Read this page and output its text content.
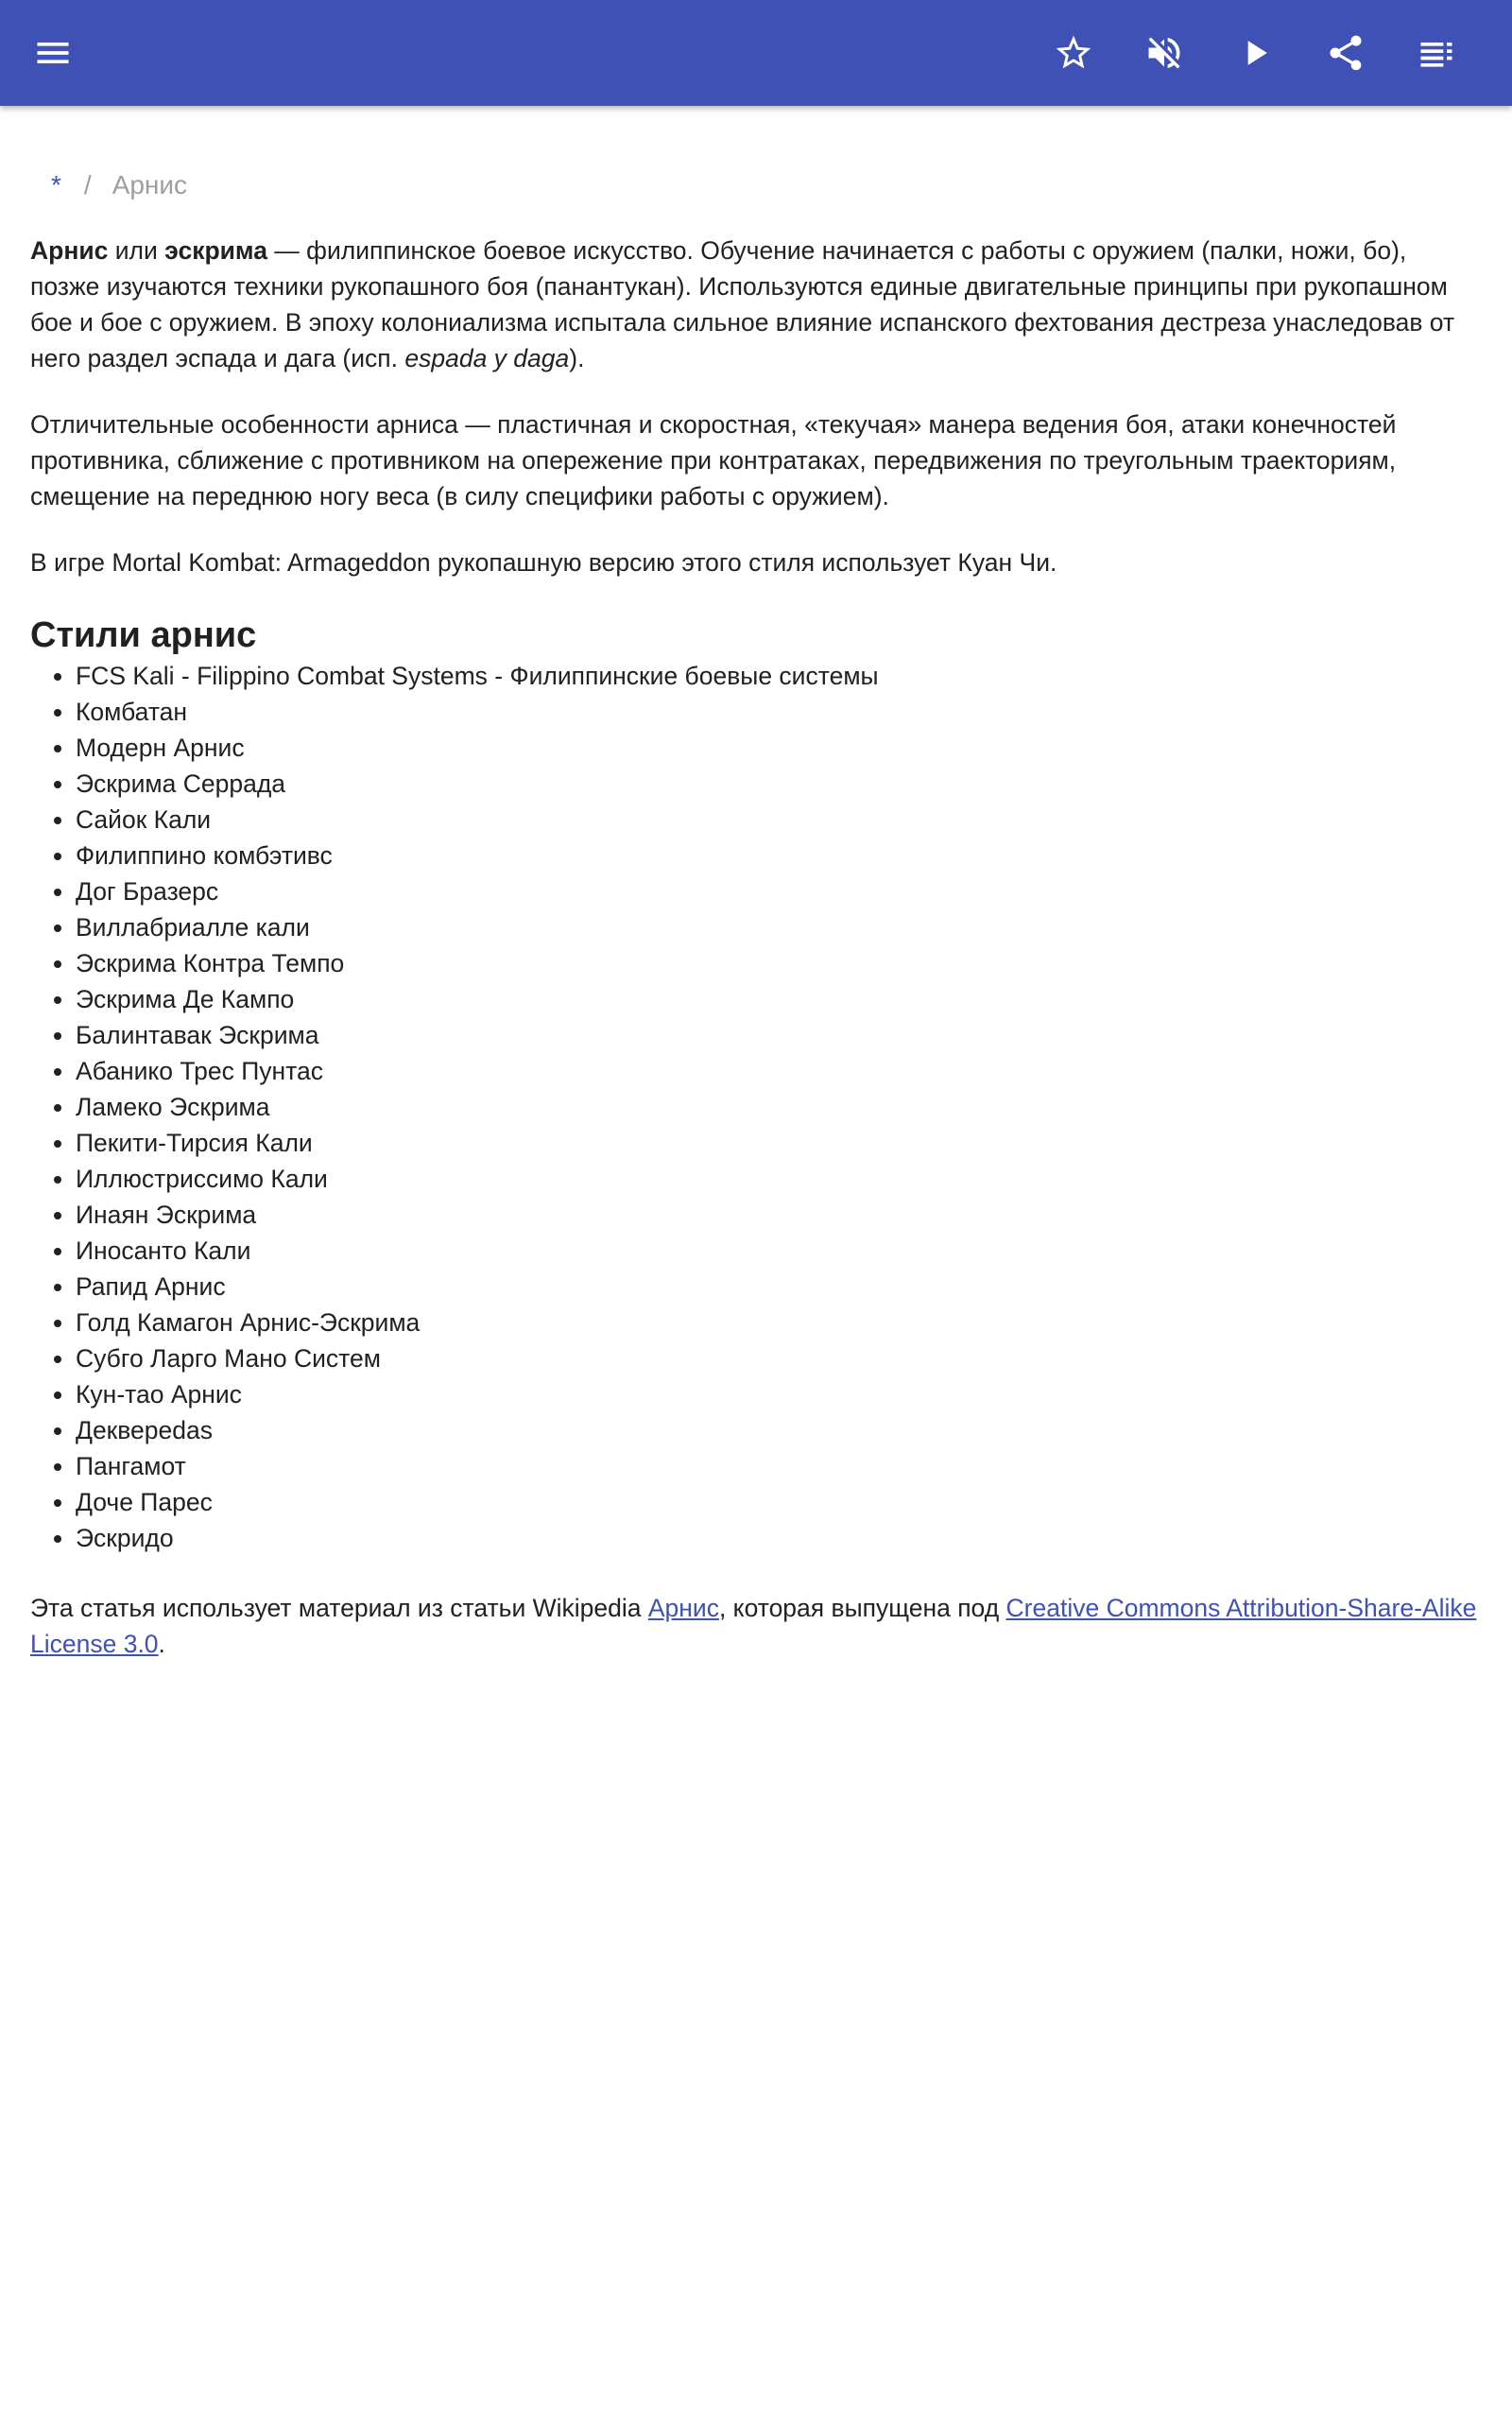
* / Арнис

Арнис или эскрима — филиппинское боевое искусство. Обучение начинается с работы с оружием (палки, ножи, бо), позже изучаются техники рукопашного боя (панантукан). Используются единые двигательные принципы при рукопашном бое и бое с оружием. В эпоху колониализма испытала сильное влияние испанского фехтования дестреза унаследовав от него раздел эспада и дага (исп. espada y daga).

Отличительные особенности арниса — пластичная и скоростная, «текучая» манера ведения боя, атаки конечностей противника, сближение с противником на опережение при контратаках, передвижения по треугольным траекториям, смещение на переднюю ногу веса (в силу специфики работы с оружием).

В игре Mortal Kombat: Armageddon рукопашную версию этого стиля использует Куан Чи.

Стили арнис
• FCS Kali - Filippino Combat Systems - Филиппинские боевые системы
• Комбатан
• Модерн Арнис
• Эскрима Серрада
• Сайок Кали
• Филиппино комбэтивс
• Дог Бразерс
• Виллабриалле кали
• Эскрима Контра Темпо
• Эскрима Де Кампо
• Балинтавак Эскрима
• Абанико Трес Пунтас
• Ламеко Эскрима
• Пекити-Тирсия Кали
• Иллюстриссимо Кали
• Инаян Эскрима
• Иносанто Кали
• Рапид Арнис
• Голд Камагон Арнис-Эскрима
• Субго Ларго Мано Систем
• Кун-тао Арнис
• Декверedas
• Пангамот
• Доче Парес
• Эскридо

Эта статья использует материал из статьи Wikipedia Арнис, которая выпущена под Creative Commons Attribution-Share-Alike License 3.0.
